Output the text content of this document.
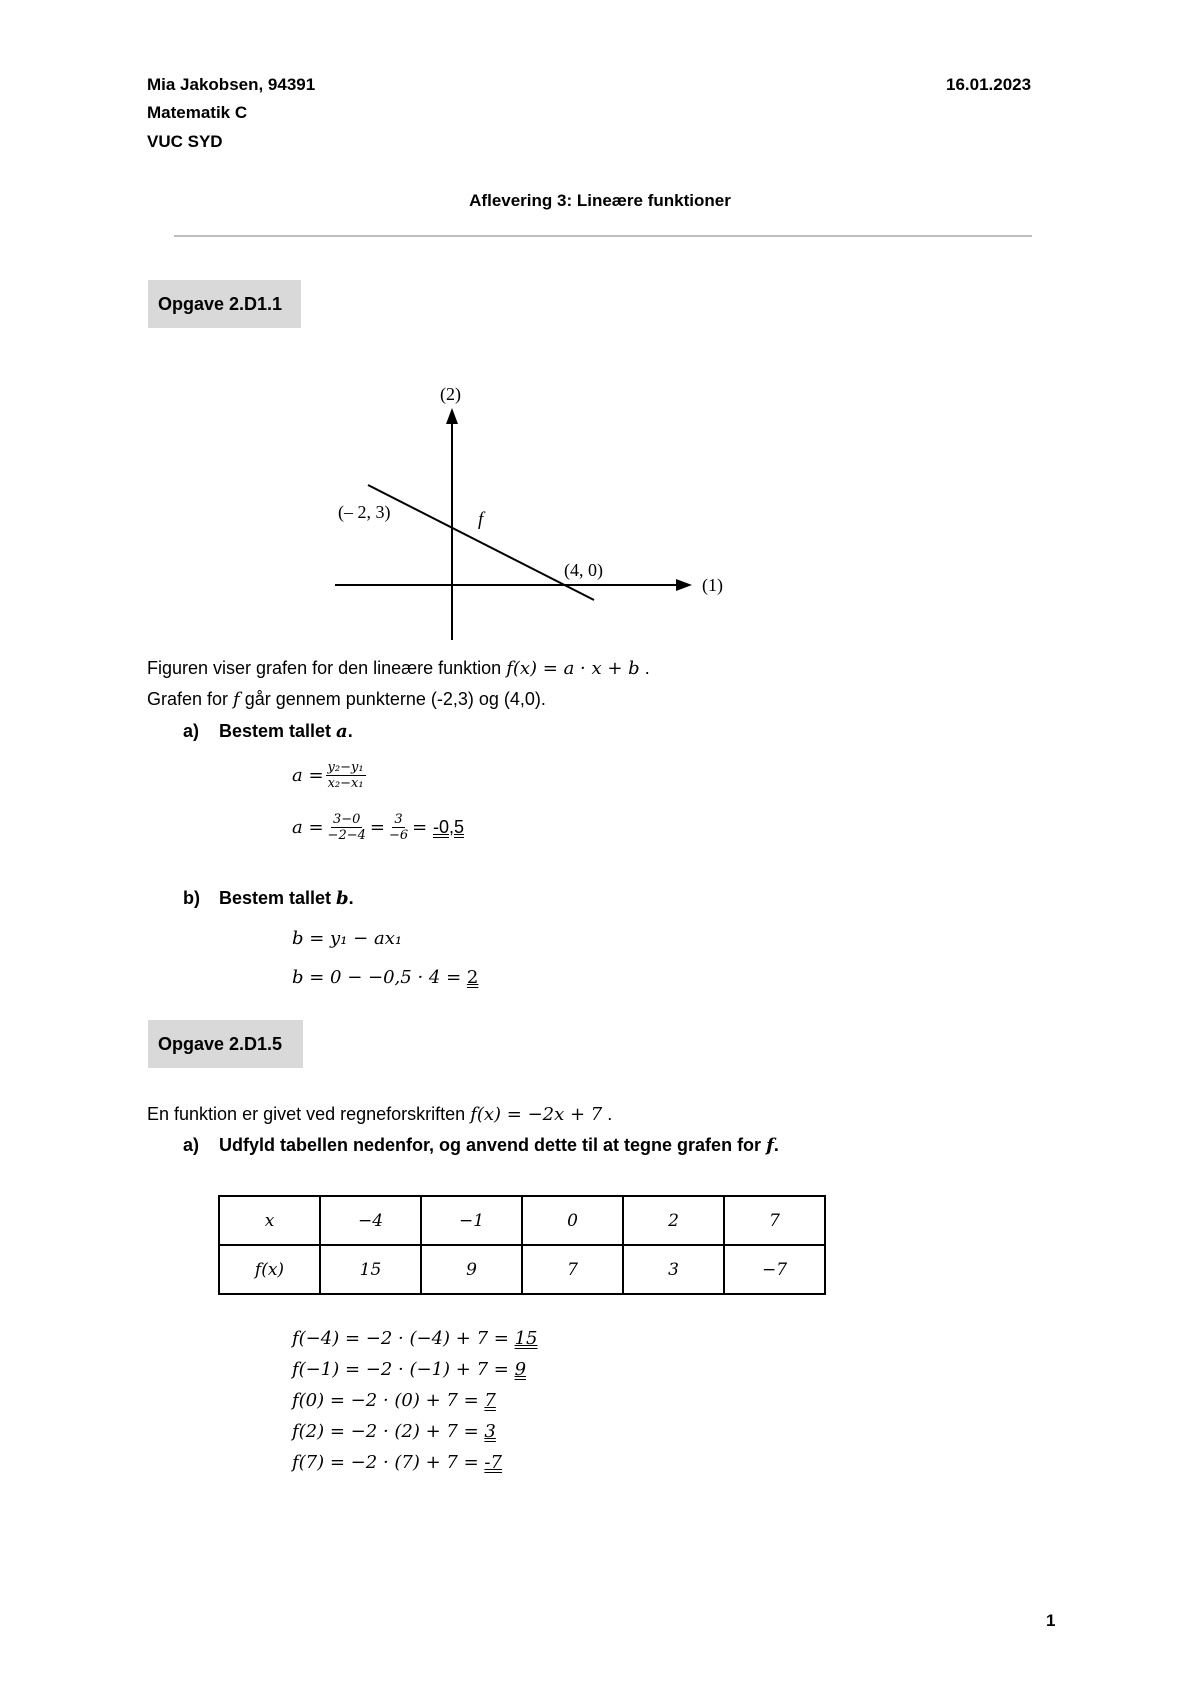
Mia Jakobsen, 94391
Matematik C
VUC SYD
16.01.2023
Aflevering 3: Lineære funktioner
Opgave 2.D1.1
(2)
(1)
f
(– 2, 3)
(4, 0)
Figuren viser grafen for den lineære funktion f(x) = a · x + b .
Grafen for f går gennem punkterne (-2,3) og (4,0).
a) Bestem tallet a.
$a = \frac{\text{y₂−y₁}}{\text{x₂−x₁}}$
$a = \frac{3-0}{-2-4} = \frac{3}{-6}$ =
-0,5
b) Bestem tallet b.
b = y₁ − ax₁
b = 0 − −0,5 · 4 = 2
Opgave 2.D1.5
En funktion er givet ved regneforskriften f(x) = −2x + 7 .
a) Udfyld tabellen nedenfor, og anvend dette til at tegne grafen for f.
x	−4	−1	0	2	7
f(x)	15	9	7	3	−7
f(−4) = −2 · (−4) + 7 = 15
f(−1) = −2 · (−1) + 7 = 9
f(0) = −2 · (0) + 7 = 7
f(2) = −2 · (2) + 7 = 3
f(7) = −2 · (7) + 7 = -7
1
